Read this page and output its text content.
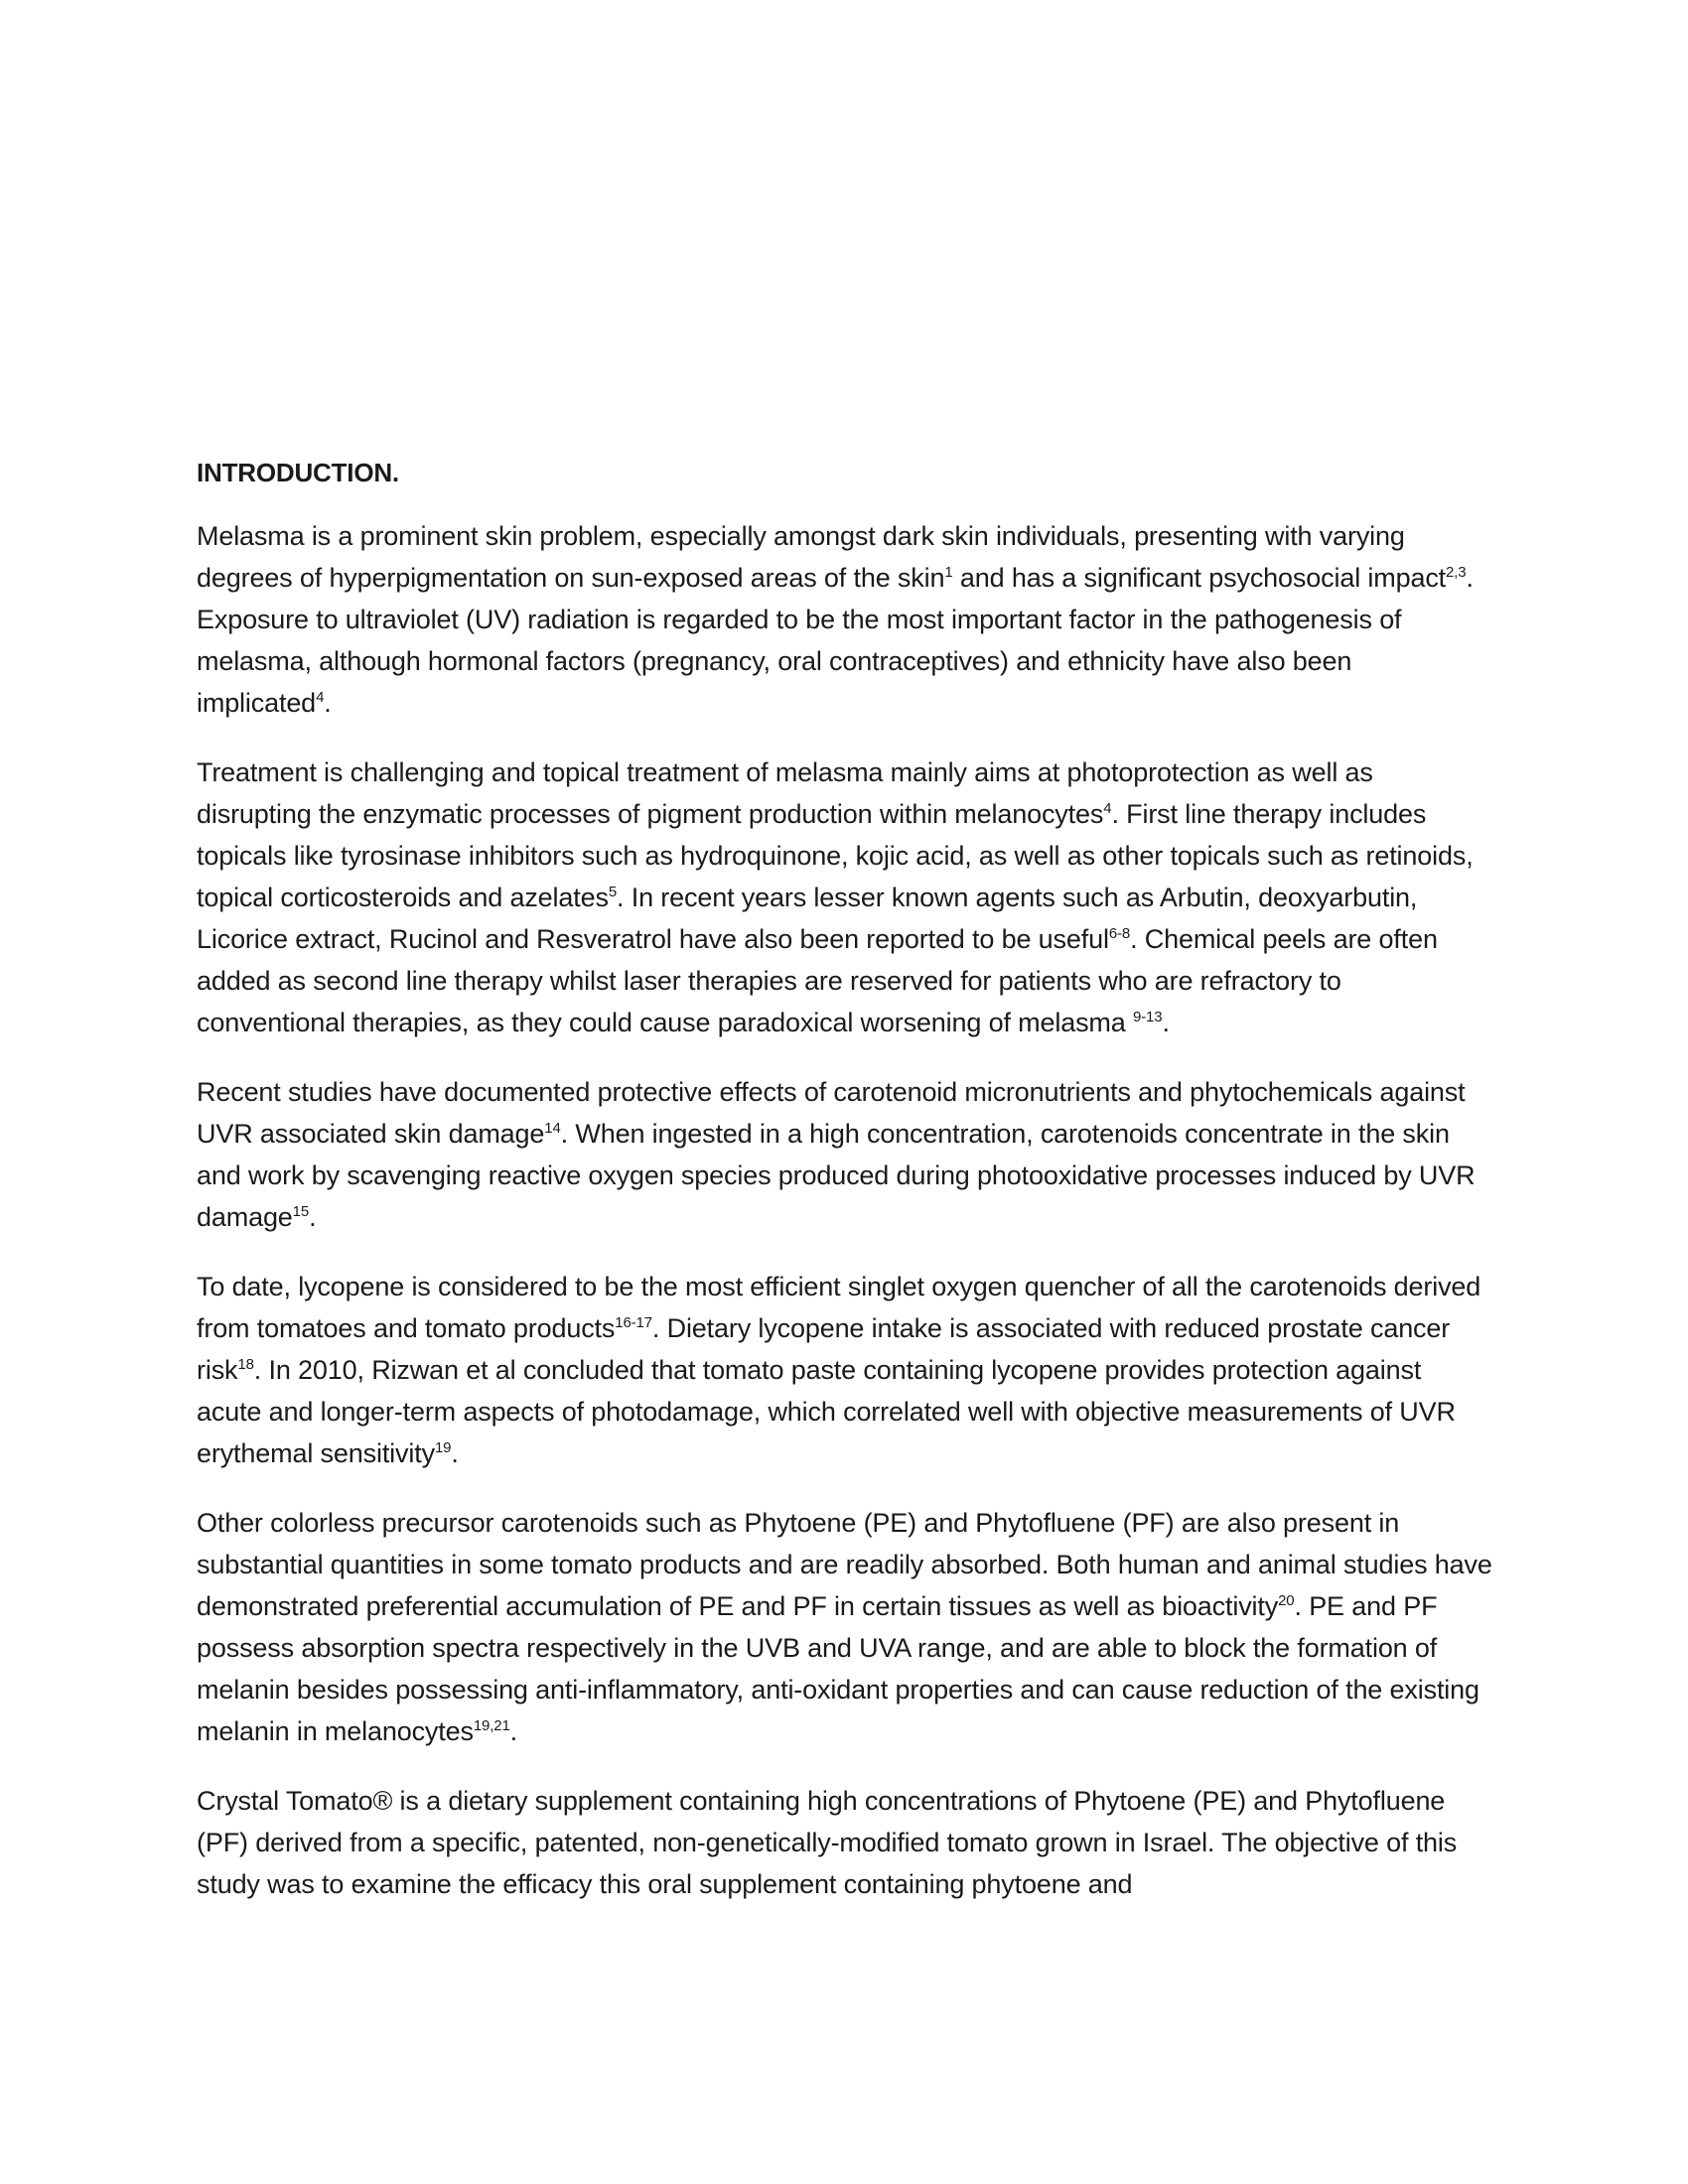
INTRODUCTION.
Melasma is a prominent skin problem, especially amongst dark skin individuals, presenting with varying degrees of hyperpigmentation on sun-exposed areas of the skin$^1$ and has a significant psychosocial impact$^{2,3}$. Exposure to ultraviolet (UV) radiation is regarded to be the most important factor in the pathogenesis of melasma, although hormonal factors (pregnancy, oral contraceptives) and ethnicity have also been implicated$^4$.
Treatment is challenging and topical treatment of melasma mainly aims at photoprotection as well as disrupting the enzymatic processes of pigment production within melanocytes$^4$. First line therapy includes topicals like tyrosinase inhibitors such as hydroquinone, kojic acid, as well as other topicals such as retinoids, topical corticosteroids and azelates$^5$. In recent years lesser known agents such as Arbutin, deoxyarbutin, Licorice extract, Rucinol and Resveratrol have also been reported to be useful$^{6-8}$. Chemical peels are often added as second line therapy whilst laser therapies are reserved for patients who are refractory to conventional therapies, as they could cause paradoxical worsening of melasma $^{9-13}$.
Recent studies have documented protective effects of carotenoid micronutrients and phytochemicals against UVR associated skin damage$^{14}$. When ingested in a high concentration, carotenoids concentrate in the skin and work by scavenging reactive oxygen species produced during photooxidative processes induced by UVR damage$^{15}$.
To date, lycopene is considered to be the most efficient singlet oxygen quencher of all the carotenoids derived from tomatoes and tomato products$^{16-17}$. Dietary lycopene intake is associated with reduced prostate cancer risk$^{18}$. In 2010, Rizwan et al concluded that tomato paste containing lycopene provides protection against acute and longer-term aspects of photodamage, which correlated well with objective measurements of UVR erythemal sensitivity$^{19}$.
Other colorless precursor carotenoids such as Phytoene (PE) and Phytofluene (PF) are also present in substantial quantities in some tomato products and are readily absorbed. Both human and animal studies have demonstrated preferential accumulation of PE and PF in certain tissues as well as bioactivity$^{20}$. PE and PF possess absorption spectra respectively in the UVB and UVA range, and are able to block the formation of melanin besides possessing anti-inflammatory, anti-oxidant properties and can cause reduction of the existing melanin in melanocytes$^{19,21}$.
Crystal Tomato® is a dietary supplement containing high concentrations of Phytoene (PE) and Phytofluene (PF) derived from a specific, patented, non-genetically-modified tomato grown in Israel. The objective of this study was to examine the efficacy this oral supplement containing phytoene and
